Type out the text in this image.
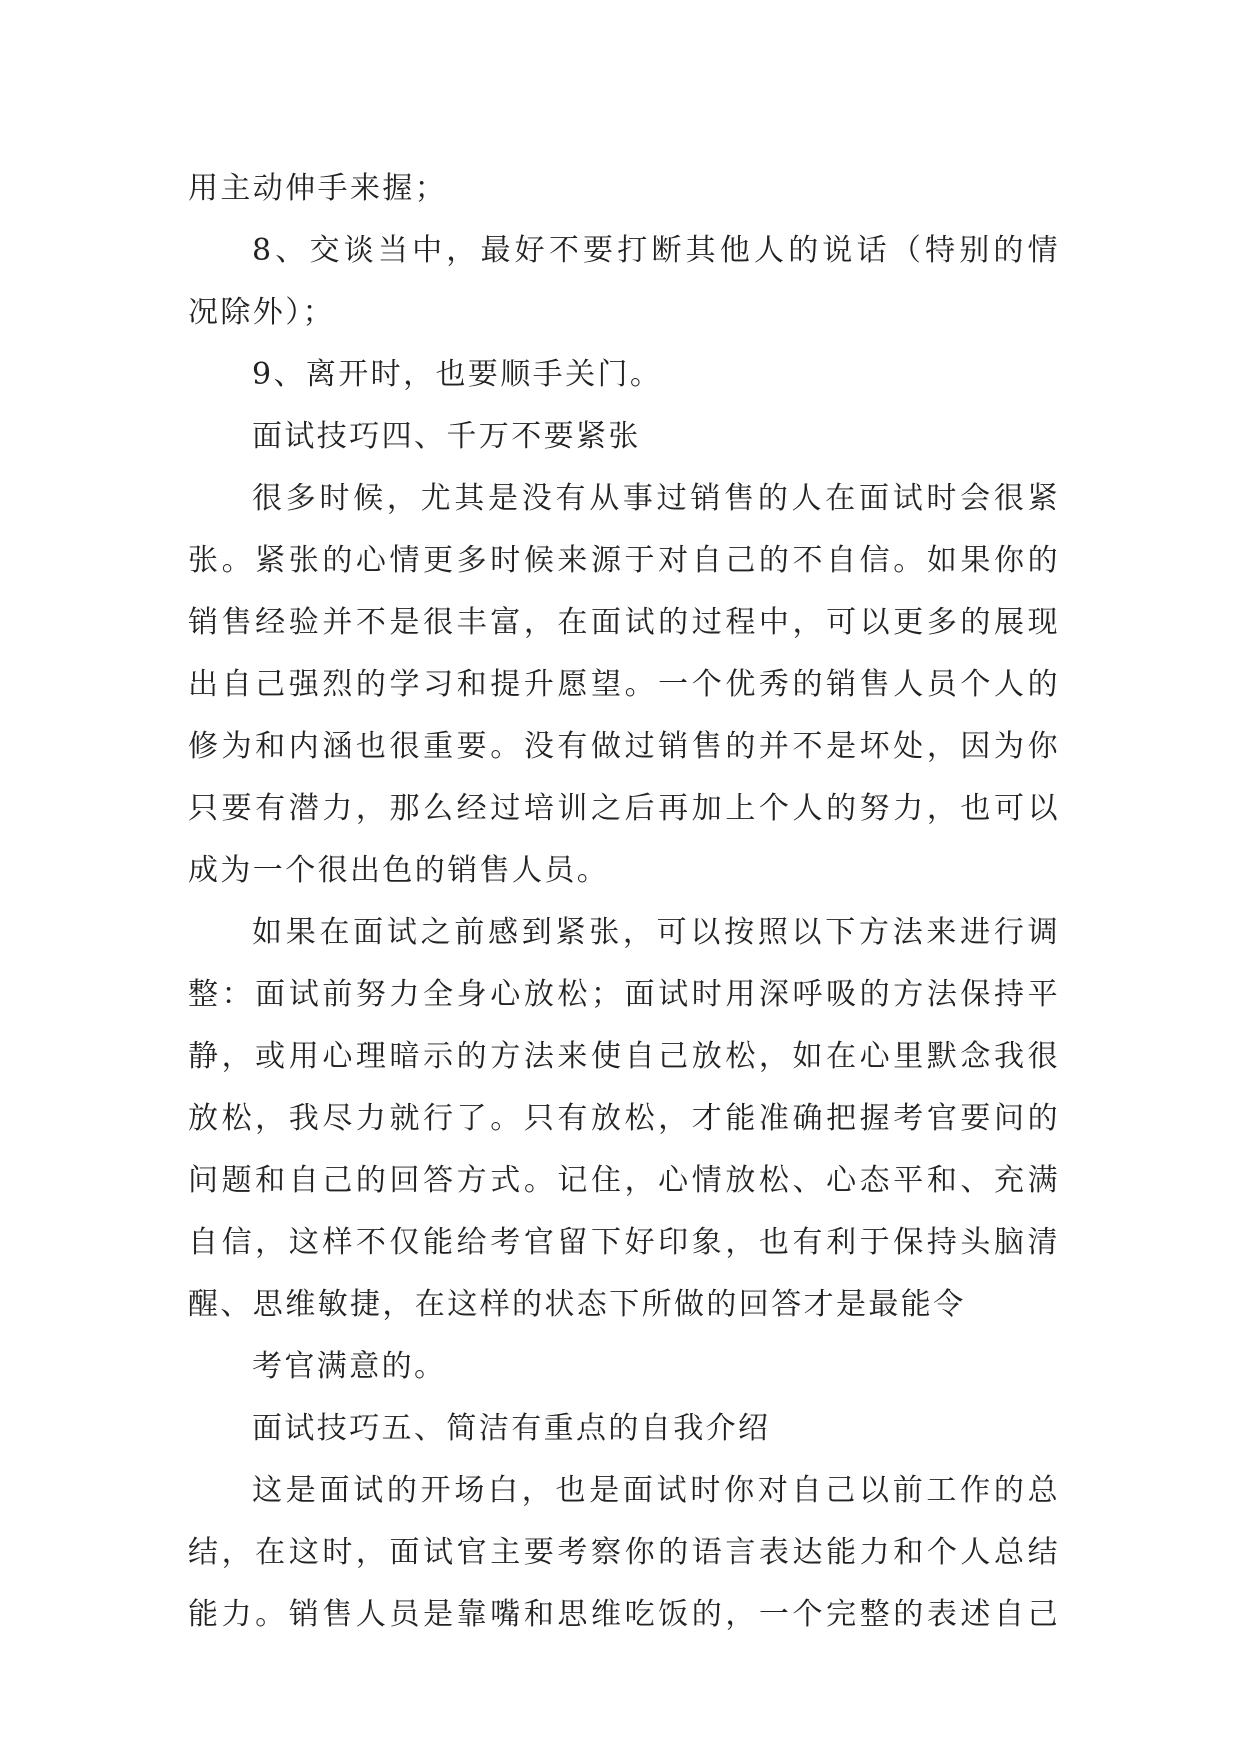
用主动伸手来握；
8、交谈当中，最好不要打断其他人的说话（特别的情
况除外）；
9、离开时，也要顺手关门。
面试技巧四、千万不要紧张
很多时候，尤其是没有从事过销售的人在面试时会很紧
张。紧张的心情更多时候来源于对自己的不自信。如果你的
销售经验并不是很丰富，在面试的过程中，可以更多的展现
出自己强烈的学习和提升愿望。一个优秀的销售人员个人的
修为和内涵也很重要。没有做过销售的并不是坏处，因为你
只要有潜力，那么经过培训之后再加上个人的努力，也可以
成为一个很出色的销售人员。
如果在面试之前感到紧张，可以按照以下方法来进行调
整：面试前努力全身心放松；面试时用深呼吸的方法保持平
静，或用心理暗示的方法来使自己放松，如在心里默念我很
放松，我尽力就行了。只有放松，才能准确把握考官要问的
问题和自己的回答方式。记住，心情放松、心态平和、充满
自信，这样不仅能给考官留下好印象，也有利于保持头脑清
醒、思维敏捷，在这样的状态下所做的回答才是最能令
考官满意的。
面试技巧五、简洁有重点的自我介绍
这是面试的开场白，也是面试时你对自己以前工作的总
结，在这时，面试官主要考察你的语言表达能力和个人总结
能力。销售人员是靠嘴和思维吃饭的，一个完整的表述自己
